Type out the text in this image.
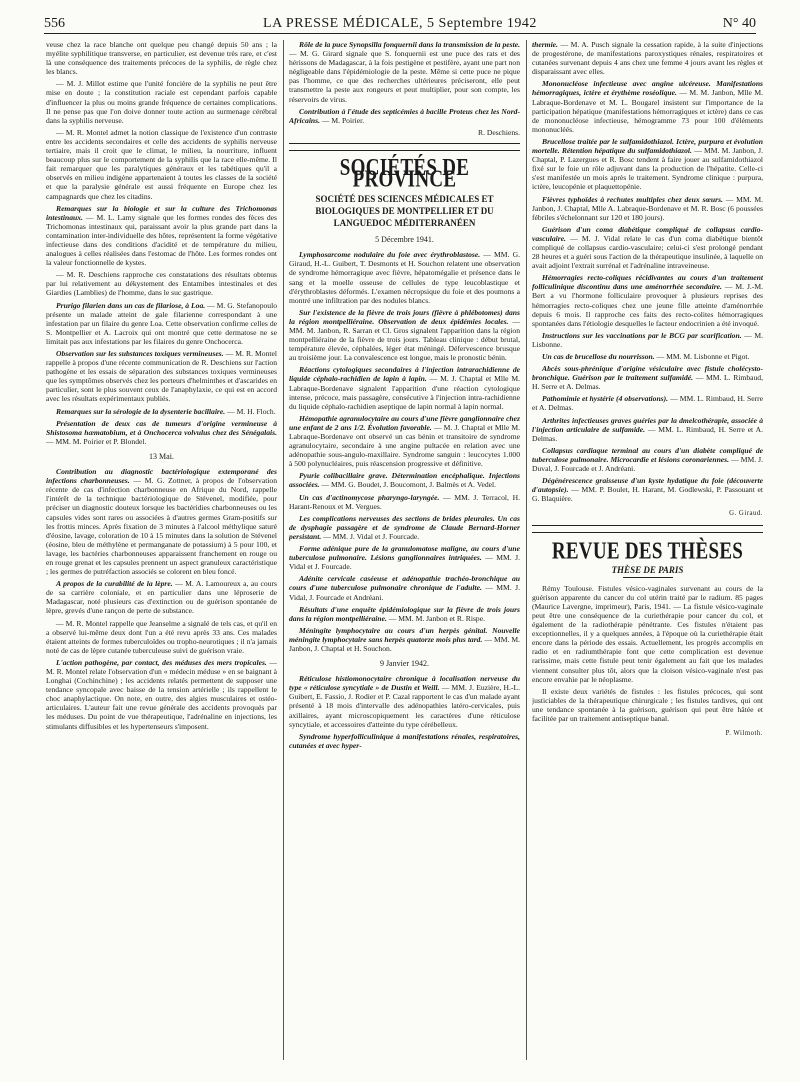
556	LA PRESSE MÉDICALE, 5 Septembre 1942	N° 40

veuse chez la race blanche ont quelque peu changé depuis 50 ans ; la myélite syphilitique transverse, en particulier, est devenue très rare, et c'est là une conséquence des traitements précoces de la syphilis, de règle chez les blancs.

— M. J. Millot estime que l'unité foncière de la syphilis ne peut être mise en doute ; la constitution raciale est cependant parfois capable d'influencer la plus ou moins grande fréquence de certaines complications. Il ne pense pas que l'on doive donner toute action au surmenage cérébral dans la syphilis nerveuse.

— M. R. Montel admet la notion classique de l'existence d'un contraste entre les accidents secondaires et celle des accidents de syphilis nerveuse tertiaire, mais il croit que le climat, le milieu, la nourriture, influent beaucoup plus sur le comportement de la syphilis que la race elle-même. Il fait remarquer que les paralytiques généraux et les tabétiques qu'il a observés en milieu indigène appartenaient à toutes les classes de la société et que la paralysie générale est aussi fréquente en Europe chez les campagnards que chez les citadins.

Remarques sur la biologie et sur la culture des Trichomonas intestinaux. — M. L. Lamy signale que les formes rondes des fèces des Trichomonas intestinaux qui, paraissant avoir la plus grande part dans la contamination inter-individuelle des hôtes, représentent la forme végétative infectieuse dans des conditions d'acidité et de température du milieu, analogues à celles réalisées dans l'estomac de l'hôte. Les formes rondes ont la valeur fonctionnelle de kystes.

— M. R. Deschiens rapproche ces constatations des résultats obtenus par lui relativement au dékystement des Entamibes intestinales et des Giardies (Lamblies) de l'homme, dans le suc gastrique.

Prurigo filarien dans un cas de filariose, à Loa. — M. G. Stefanopoulo présente un malade atteint de gale filarienne correspondant à une infestation par un filaire du genre Loa. Cette observation confirme celles de S. Montpellier et A. Lacroix qui ont montré que cette dermatose ne se limitait pas aux infestations par les filaires du genre Onchocerca.

Observation sur les substances toxiques vermineuses. — M. R. Montel rappelle à propos d'une récente communication de R. Deschiens sur l'action pathogène et les essais de séparation des substances toxiques vermineuses que les symptômes observés chez les porteurs d'helminthes et d'ascarides en particulier, sont le plus souvent ceux de l'anaphylaxie, ce qui est en accord avec les résultats expérimentaux publiés.

Remarques sur la sérologie de la dysenterie bacillaire. — M. H. Floch.

Présentation de deux cas de tumeurs d'origine vermineuse à Shistosoma hæmatobium, et à Onchocerca volvulus chez des Sénégalais. — MM. M. Poirier et P. Blondel.

13 Mai.

Contribution au diagnostic bactériologique extemporané des infections charbonneuses. — M. G. Zottner, à propos de l'observation récente de cas d'infection charbonneuse en Afrique du Nord, rappelle l'intérêt de la technique bactériologique de Stévenel, modifiée, pour préciser un diagnostic douteux lorsque les bactéridies charbonneuses ou les capsules vides sont rares ou associées à d'autres germes Gram-positifs sur les frottis minces. Après fixation de 3 minutes à l'alcool méthylique saturé d'éosine, lavage, coloration de 10 à 15 minutes dans la solution de Stévenel (éosine, bleu de méthylène et permanganate de potassium) à 5 pour 100, et lavage, les bactéries charbonneuses apparaissent franchement en rouge ou en rouge grenat et les capsules prennent un aspect granuleux caractéristique ; les germes de putréfaction associés se colorent en bleu foncé.

A propos de la curabilité de la lèpre. — M. A. Lamoureux a, au cours de sa carrière coloniale, et en particulier dans une léproserie de Madagascar, noté plusieurs cas d'extinction ou de guérison spontanée de lèpre, grevés d'une rançon de perte de substance.

— M. R. Montel rappelle que Jeanselme a signalé de tels cas, et qu'il en a observé lui-même deux dont l'un a été revu après 33 ans. Ces malades étaient atteints de formes tuberculoïdes ou tropho-neurotiques ; il n'a jamais noté de cas de lèpre cutanée tuberculeuse suivi de guérison vraie.

L'action pathogène, par contact, des méduses des mers tropicales. — M. R. Montel relate l'observation d'un « médecin méduse » en se baignant à Longhai (Cochinchine) ; les accidents relatés permettent de supposer une tendance syncopale avec baisse de la tension artérielle ; ils rappellent le choc anaphylactique. On note, en outre, des algies musculaires et ostéo-articulaires. L'auteur fait une revue générale des accidents provoqués par les méduses. Du point de vue thérapeutique, l'adrénaline en injections, les stimulants diffusibles et les hypertenseurs s'imposent.

Rôle de la puce Synopsilla fonquernii dans la transmission de la peste. — M. G. Girard signale que S. fonquernii est une puce des rats et des hérissons de Madagascar, à la fois pestigène et pestifère, ayant une part non négligeable dans l'épidémiologie de la peste. Même si cette puce ne pique pas l'homme, ce que des recherches ultérieures préciseront, elle peut transmettre la peste aux rongeurs et peut multiplier, pour son compte, les réservoirs de virus.

Contribution à l'étude des septicémies à bacille Proteus chez les Nord-Africains. — M. Poirier.

R. Deschiens.

SOCIÉTÉS DE PROVINCE
SOCIÉTÉ DES SCIENCES MÉDICALES ET BIOLOGIQUES DE MONTPELLIER ET DU LANGUEDOC MÉDITERRANÉEN
5 Décembre 1941.

Lymphosarcome nodulaire du foie avec érythroblastose. — MM. G. Giraud, H.-L. Guibert, T. Desmonts et H. Souchon relatent une observation de syndrome hémorragique avec fièvre, hépatomégalie et présence dans le sang et la moelle osseuse de cellules de type leucoblastique et d'érythroblastes déformés. L'examen nécropsique du foie et des poumons a montré une infiltration par des nodules blancs.

Sur l'existence de la fièvre de trois jours (fièvre à phlébotomes) dans la région montpelliéraine. Observation de deux épidémies locales. — MM. M. Janbon, R. Sarran et Cl. Gros signalent l'apparition dans la région montpelliéraine de la fièvre de trois jours. Tableau clinique : début brutal, température élevée, céphalées, léger état méningé. Défervescence brusque au troisième jour. La convalescence est longue, mais le pronostic bénin.

Réactions cytologiques secondaires à l'injection intrarachidienne de liquide céphalo-rachidien de lapin à lapin. — M. J. Chaptal et Mlle M. Labraque-Bordenave signalent l'apparition d'une réaction cytologique intense, précoce, mais passagère, consécutive à l'injection intra-rachidienne du liquide céphalo-rachidien aseptique de lapin normal à lapin normal.

Hémopathie agranulocytaire au cours d'une fièvre ganglionnaire chez une enfant de 2 ans 1/2. Évolution favorable. — M. J. Chaptal et Mlle M. Labraque-Bordenave ont observé un cas bénin et transitoire de syndrome agranulocytaire, secondaire à une angine pultacée en relation avec une adénopathie sous-angulo-maxillaire. Syndrome sanguin : leucocytes 1.000 à 500 polynucléaires, puis réascension progressive et définitive.

Pyurie colibacillaire grave. Détermination encéphalique. Injections associées. — MM. G. Boudet, J. Boucomont, J. Balmès et A. Vedel.

Un cas d'actinomycose pharyngo-laryngée. — MM. J. Terracol, H. Harant-Renoux et M. Vergues.

Les complications nerveuses des sections de brides pleurales. Un cas de dysphagie passagère et de syndrome de Claude Bernard-Horner persistant. — MM. J. Vidal et J. Fourcade.

Forme adénique pure de la granulomatose maligne, au cours d'une tuberculose pulmonaire. Lésions ganglionnaires intriquées. — MM. J. Vidal et J. Fourcade.

Adénite cervicale caséeuse et adénopathie trachéo-bronchique au cours d'une tuberculose pulmonaire chronique de l'adulte. — MM. J. Vidal, J. Fourcade et Andréani.

Résultats d'une enquête épidémiologique sur la fièvre de trois jours dans la région montpelliéraine. — MM. M. Janbon et R. Rispe.

Méningite lymphocytaire au cours d'un herpès génital. Nouvelle méningite lymphocytaire sans herpès quatorze mois plus tard. — MM. M. Janbon, J. Chaptal et H. Souchon.

9 Janvier 1942.

Réticulose histiomonocytaire chronique à localisation nerveuse du type « réticulose syncytiale » de Dustin et Weill. — MM. J. Euzière, H.-L. Guibert, E. Fassio, J. Rodier et P. Cazal rapportent le cas d'un malade ayant présenté à 18 mois d'intervalle des adénopathies latéro-cervicales, puis axillaires, ayant microscopiquement les caractères d'une réticulose syncytiale, et accessoires d'atteinte du type cérébelleux.

Syndrome hyperfolliculinique à manifestations rénales, respiratoires, cutanées et avec hyper-

thermie. — M. A. Pusch signale la cessation rapide, à la suite d'injections de progestérone, de manifestations paroxystiques rénales, respiratoires et cutanées survenant depuis 4 ans chez une femme 4 jours avant les règles et disparaissant avec elles.

Mononucléose infectieuse avec angine ulcéreuse. Manifestations hémorragiques, ictère et érythème roséolique. — M. M. Janbon, Mlle M. Labraque-Bordenave et M. L. Bougarel insistent sur l'importance de la participation hépatique (manifestations hémorragiques et ictère) dans ce cas de mononucléose infectieuse, hémogramme 73 pour 100 d'éléments mononucléés.

Brucellose traitée par le sulfamidothiazol. Ictère, purpura et évolution mortelle. Rétention hépatique du sulfamidothiazol. — MM. M. Janbon, J. Chaptal, P. Lazergues et R. Bosc tendent à faire jouer au sulfamidothiazol fixé sur le foie un rôle adjuvant dans la production de l'hépatite. Celle-ci s'est manifestée un mois après le traitement. Syndrome clinique : purpura, ictère, leucopénie et plaquettopénie.

Fièvres typhoïdes à rechutes multiples chez deux sœurs. — MM. M. Janbon, J. Chaptal, Mlle A. Labraque-Bordenave et M. R. Bosc (6 poussées fébriles s'échelonnant sur 120 et 180 jours).

Guérison d'un coma diabétique compliqué de collapsus cardio-vasculaire. — M. J. Vidal relate le cas d'un coma diabétique bientôt compliqué de collapsus cardio-vasculaire; celui-ci s'est prolongé pendant 28 heures et a guéri sous l'action de la thérapeutique insulinée, à laquelle on avait adjoint l'extrait surrénal et l'adrénaline intraveineuse.

Hémorragies recto-coliques récidivantes au cours d'un traitement folliculinique discontinu dans une aménorrhée secondaire. — M. J.-M. Bert a vu l'hormone folliculaire provoquer à plusieurs reprises des hémorragies recto-coliques chez une jeune fille atteinte d'aménorrhée depuis 6 mois. Il rapproche ces faits des recto-colites hémorragiques spontanées dans l'étiologie desquelles le facteur endocrinien a été invoqué.

Instructions sur les vaccinations par le BCG par scarification. — M. Lisbonne.

Un cas de brucellose du nourrisson. — MM. M. Lisbonne et Pigot.

Abcès sous-phrénique d'origine vésiculaire avec fistule cholécysto-bronchique. Guérison par le traitement sulfamidé. — MM. L. Rimbaud, H. Serre et A. Delmas.

Pathomimie et hystérie (4 observations). — MM. L. Rimbaud, H. Serre et A. Delmas.

Arthrites infectieuses graves guéries par la dmelcothérapie, associée à l'injection articulaire de sulfamide. — MM. L. Rimbaud, H. Serre et A. Delmas.

Collapsus cardiaque terminal au cours d'un diabète compliqué de tuberculose pulmonaire. Microcardie et lésions coronariennes. — MM. J. Duval, J. Fourcade et J. Andréani.

Dégénérescence graisseuse d'un kyste hydatique du foie (découverte d'autopsie). — MM. P. Boulet, H. Harant, M. Godlewski, P. Passouant et G. Blaquière.

G. Giraud.
REVUE DES THÈSES
THÈSE DE PARIS

Rémy Toulouse. Fistules vésico-vaginales survenant au cours de la guérison apparente du cancer du col utérin traité par le radium. 85 pages (Maurice Lavergne, imprimeur), Paris, 1941. — La fistule vésico-vaginale peut être une conséquence de la curiethérapie pour cancer du col, et également de la radiothérapie pénétrante. Ces fistules n'étaient pas exceptionnelles, il y a quelques années, à l'époque où la curiethérapie était encore dans la période des essais. Actuellement, les progrès accomplis en radio et en radiumthérapie font que cette complication est devenue rarissime, mais cette fistule peut tenir également au fait que les malades viennent consulter plus tôt, alors que la cloison vésico-vaginale n'est pas encore envahie par le néoplasme.

Il existe deux variétés de fistules : les fistules précoces, qui sont justiciables de la thérapeutique chirurgicale ; les fistules tardives, qui ont une tendance spontanée à la guérison, guérison qui peut être hâtée et facilitée par un traitement antiseptique banal.

P. Wilmoth.
